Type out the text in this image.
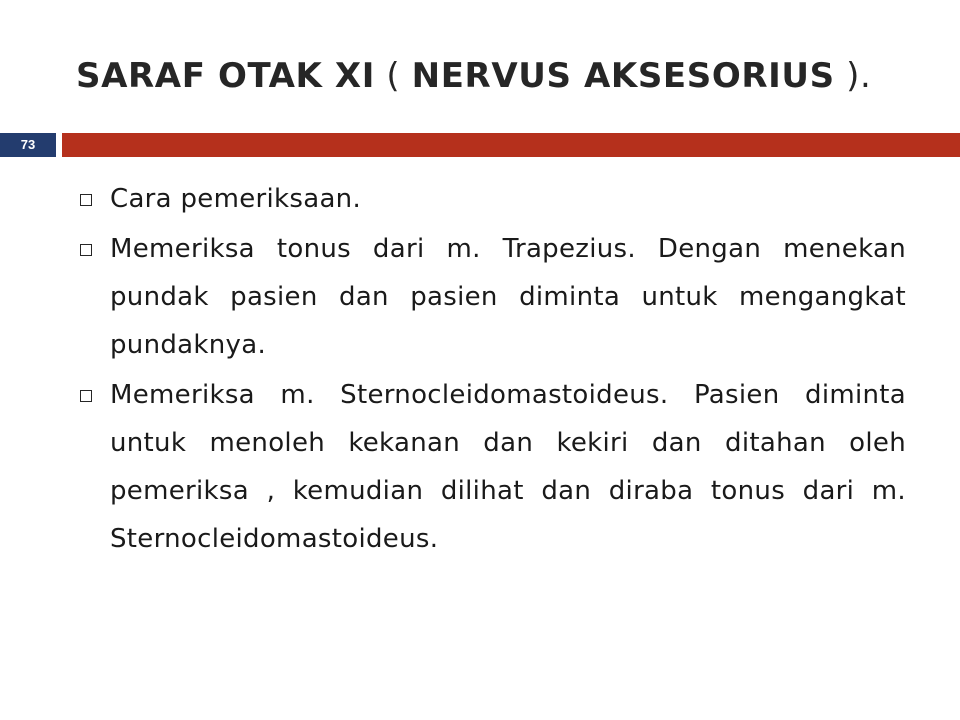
SARAF OTAK XI ( NERVUS AKSESORIUS ).
73
Cara pemeriksaan.
Memeriksa tonus dari m. Trapezius. Dengan menekan pundak pasien dan pasien diminta untuk mengangkat pundaknya.
Memeriksa m. Sternocleidomastoideus. Pasien diminta untuk menoleh kekanan dan kekiri dan ditahan oleh pemeriksa , kemudian dilihat dan diraba tonus dari m. Sternocleidomastoideus.
